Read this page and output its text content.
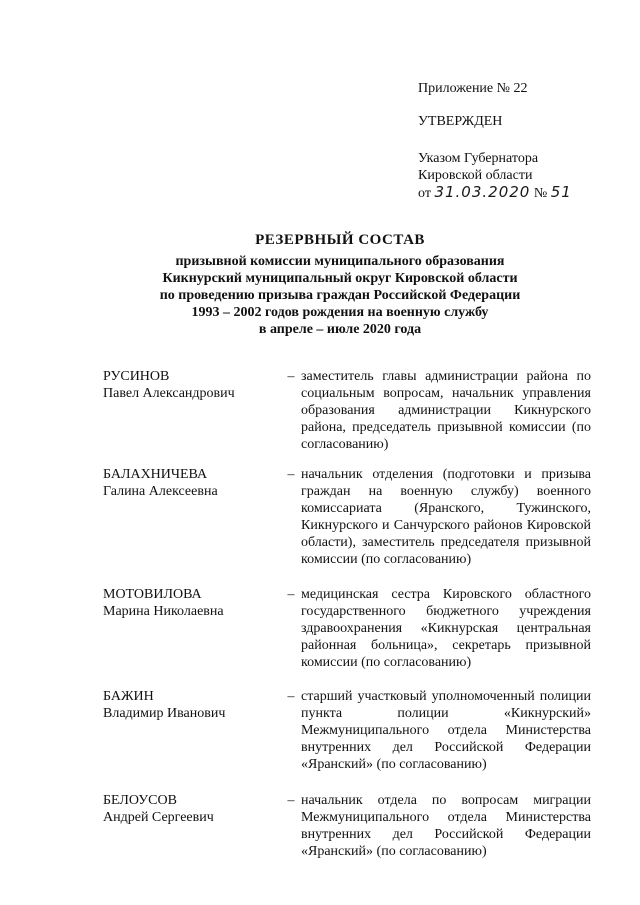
Приложение № 22

УТВЕРЖДЕН

Указом Губернатора

Кировской области

от 31.03.2020 № 51

РЕЗЕРВНЫЙ СОСТАВ

призывной комиссии муниципального образования

Кикнурский муниципальный округ Кировской области

по проведению призыва граждан Российской Федерации

1993 – 2002 годов рождения на военную службу

в апреле – июле 2020 года

РУСИНОВ
Павел Александрович
– заместитель главы администрации района по социальным вопросам, начальник управления образования администрации Кикнурского района, председатель призывной комиссии (по согласованию)
БАЛАХНИЧЕВА
Галина Алексеевна
– начальник отделения (подготовки и призыва граждан на военную службу) военного комиссариата (Яранского, Тужинского, Кикнурского и Санчурского районов Кировской области), заместитель председателя призывной комиссии (по согласованию)
МОТОВИЛОВА
Марина Николаевна
– медицинская сестра Кировского областного государственного бюджетного учреждения здравоохранения «Кикнурская центральная районная больница», секретарь призывной комиссии (по согласованию)
БАЖИН
Владимир Иванович
– старший участковый уполномоченный полиции пункта полиции «Кикнурский» Межмуниципального отдела Министерства внутренних дел Российской Федерации «Яранский» (по согласованию)
БЕЛОУСОВ
Андрей Сергеевич
– начальник отдела по вопросам миграции Межмуниципального отдела Министерства внутренних дел Российской Федерации «Яранский» (по согласованию)
